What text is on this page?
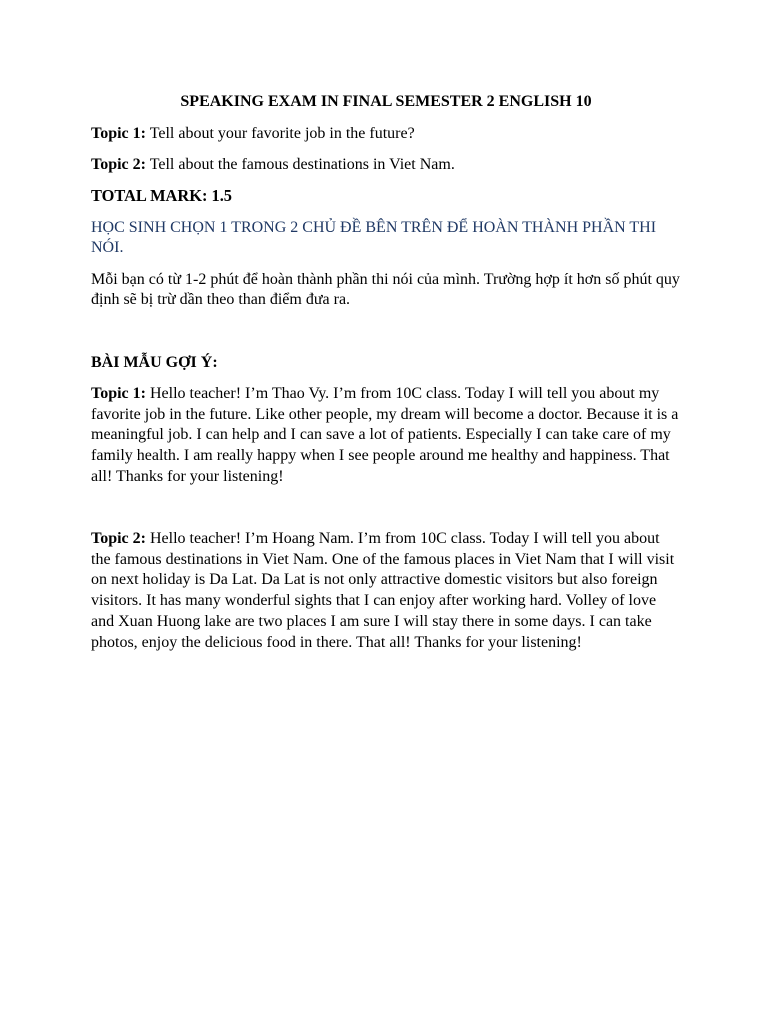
SPEAKING EXAM IN FINAL SEMESTER 2 ENGLISH 10

Topic 1: Tell about your favorite job in the future?

Topic 2: Tell about the famous destinations in Viet Nam.

TOTAL MARK: 1.5

HỌC SINH CHỌN 1 TRONG 2 CHỦ ĐỀ BÊN TRÊN ĐỂ HOÀN THÀNH PHẦN THI NÓI.

Mỗi bạn có từ 1-2 phút để hoàn thành phần thi nói của mình. Trường hợp ít hơn số phút quy định sẽ bị trừ dần theo than điểm đưa ra.

BÀI MẪU GỢI Ý:

Topic 1: Hello teacher! I’m Thao Vy. I’m from 10C class. Today I will tell you about my favorite job in the future. Like other people, my dream will become a doctor. Because it is a meaningful job. I can help and I can save a lot of patients. Especially I can take care of my family health. I am really happy when I see people around me healthy and happiness. That all! Thanks for your listening!

Topic 2: Hello teacher! I’m Hoang Nam. I’m from 10C class. Today I will tell you about the famous destinations in Viet Nam. One of the famous places in Viet Nam that I will visit on next holiday is Da Lat. Da Lat is not only attractive domestic visitors but also foreign visitors. It has many wonderful sights that I can enjoy after working hard. Volley of love and Xuan Huong lake are two places I am sure I will stay there in some days. I can take photos, enjoy the delicious food in there. That all! Thanks for your listening!
